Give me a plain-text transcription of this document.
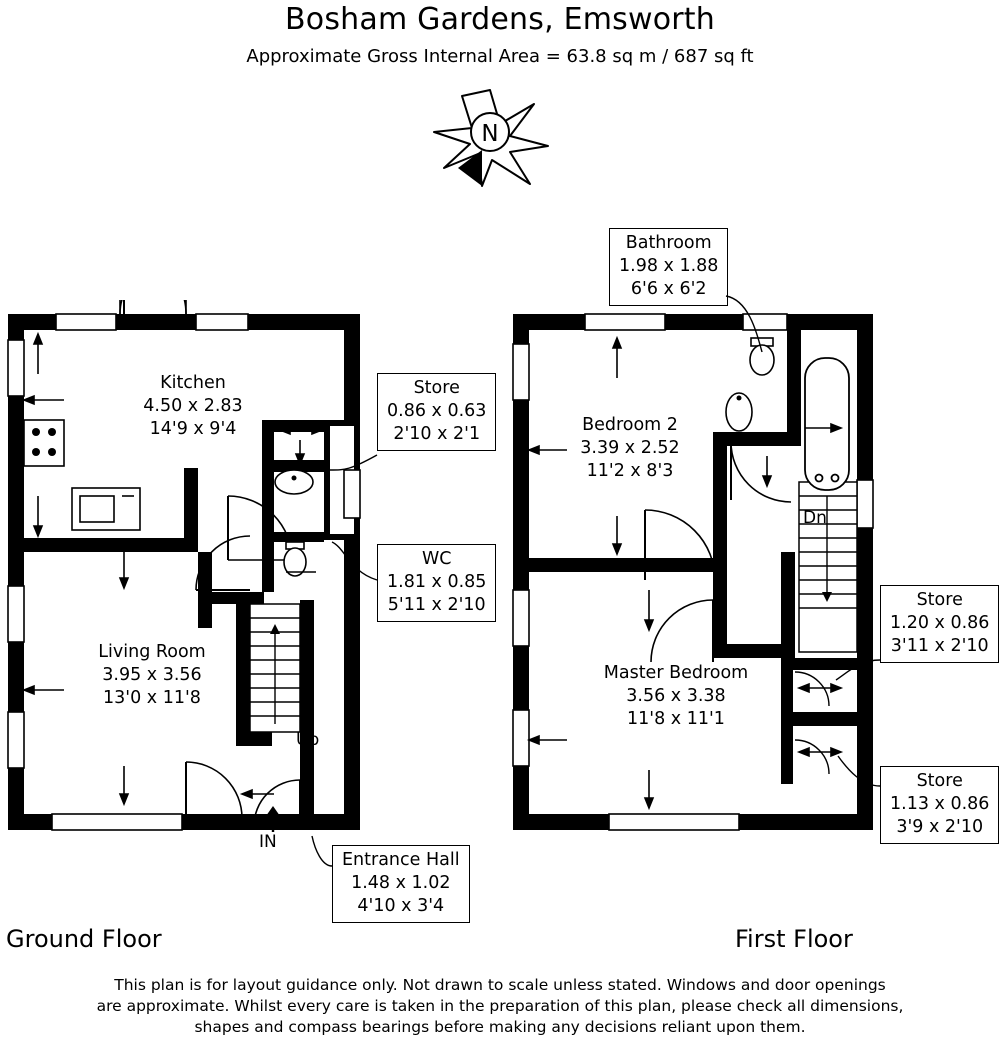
Bosham Gardens, Emsworth
Approximate Gross Internal Area = 63.8 sq m / 687 sq ft
N
Kitchen
4.50 x 2.83
14'9 x 9'4
Living Room
3.95 x 3.56
13'0 x 11'8
Up
IN
Store
0.86 x 0.63
2'10 x 2'1
WC
1.81 x 0.85
5'11 x 2'10
Entrance Hall
1.48 x 1.02
4'10 x 3'4
Bedroom 2
3.39 x 2.52
11'2 x 8'3
Master Bedroom
3.56 x 3.38
11'8 x 11'1
Dn
Bathroom
1.98 x 1.88
6'6 x 6'2
Store
1.20 x 0.86
3'11 x 2'10
Store
1.13 x 0.86
3'9 x 2'10
Ground Floor	First Floor
This plan is for layout guidance only. Not drawn to scale unless stated. Windows and door openings
are approximate. Whilst every care is taken in the preparation of this plan, please check all dimensions,
shapes and compass bearings before making any decisions reliant upon them.
